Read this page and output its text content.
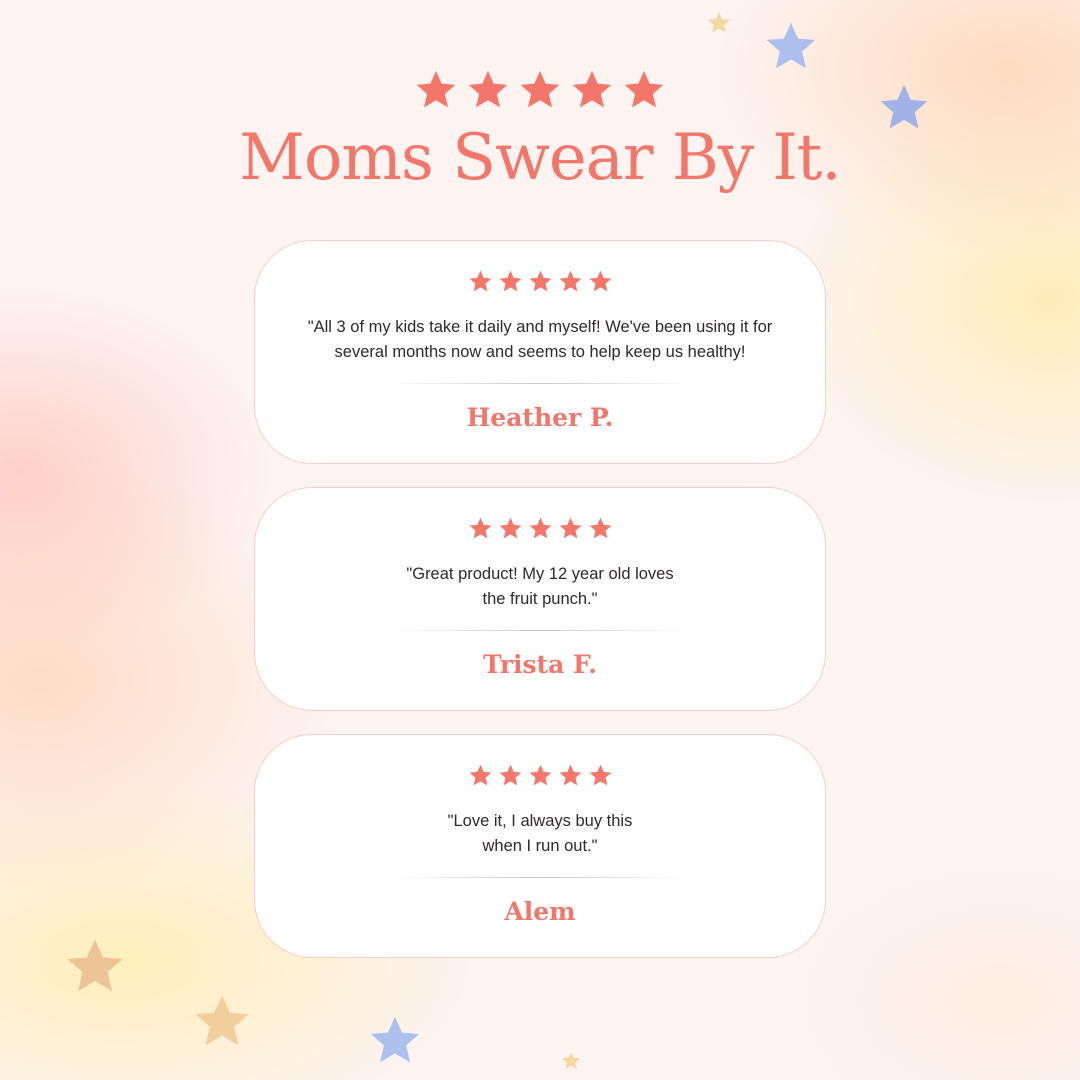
Moms Swear By It.

"All 3 of my kids take it daily and myself! We've been using it for
several months now and seems to help keep us healthy!

Heather P.

"Great product! My 12 year old loves
the fruit punch."

Trista F.

"Love it, I always buy this
when I run out."

Alem
